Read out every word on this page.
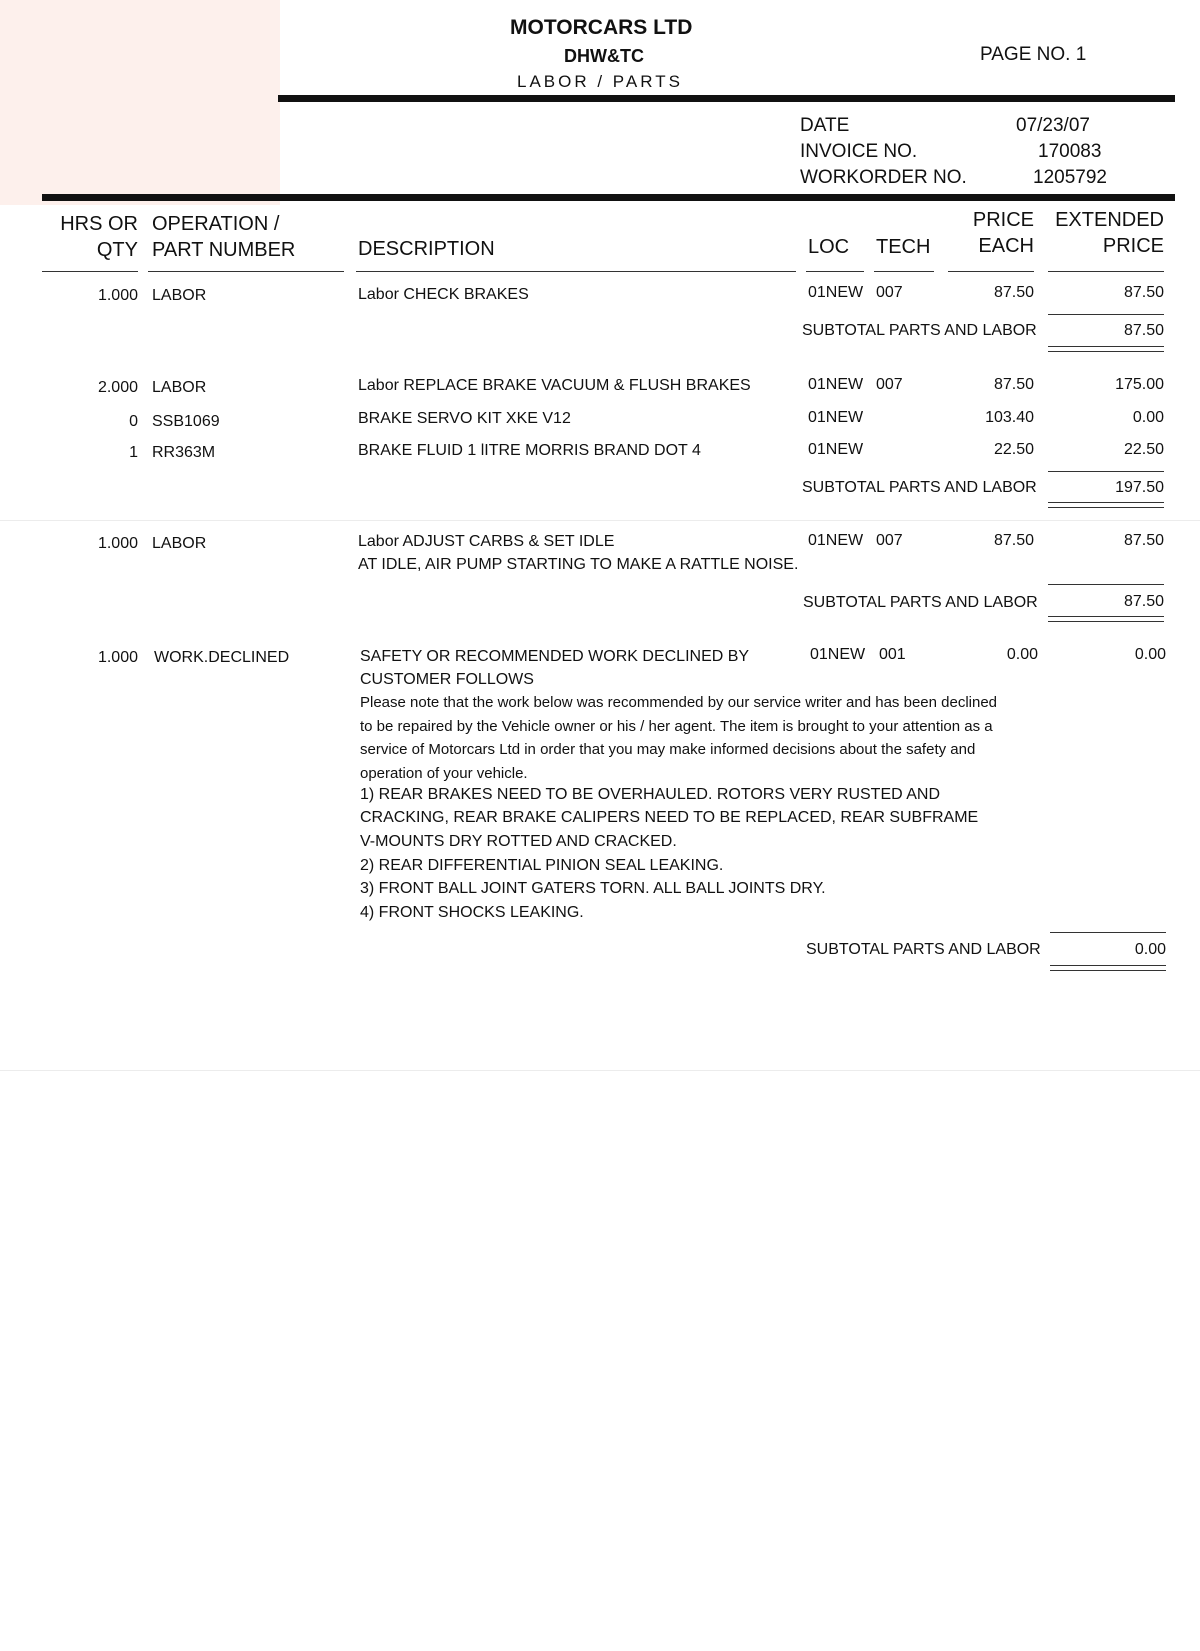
MOTORCARS LTD
DHW&TC
LABOR / PARTS
PAGE NO. 1
DATE	07/23/07
INVOICE NO.	170083
WORKORDER NO.	1205792
HRS OR
QTY
OPERATION /
PART NUMBER	DESCRIPTION	LOC TECH
PRICE
EACH
EXTENDED
PRICE
1.000 LABOR	Labor CHECK BRAKES	01NEW 007	87.50	87.50
SUBTOTAL PARTS AND LABOR	87.50
2.000 LABOR	Labor REPLACE BRAKE VACUUM & FLUSH BRAKES	01NEW 007	87.50	175.00
0 SSB1069	BRAKE SERVO KIT XKE V12	01NEW	103.40	0.00
1 RR363M	BRAKE FLUID 1 lITRE MORRIS BRAND DOT 4	01NEW	22.50	22.50
SUBTOTAL PARTS AND LABOR	197.50
1.000 LABOR	Labor ADJUST CARBS & SET IDLE	01NEW 007	87.50	87.50
AT IDLE, AIR PUMP STARTING TO MAKE A RATTLE NOISE.
SUBTOTAL PARTS AND LABOR	87.50
1.000 WORK.DECLINED	SAFETY OR RECOMMENDED WORK DECLINED BY	01NEW 001	0.00	0.00
CUSTOMER FOLLOWS
Please note that the work below was recommended by our service writer and has been declined to be repaired by the Vehicle owner or his / her agent. The item is brought to your attention as a service of Motorcars Ltd in order that you may make informed decisions about the safety and operation of your vehicle.
1) REAR BRAKES NEED TO BE OVERHAULED. ROTORS VERY RUSTED AND
CRACKING, REAR BRAKE CALIPERS NEED TO BE REPLACED, REAR SUBFRAME
V-MOUNTS DRY ROTTED AND CRACKED.
2) REAR DIFFERENTIAL PINION SEAL LEAKING.
3) FRONT BALL JOINT GATERS TORN. ALL BALL JOINTS DRY.
4) FRONT SHOCKS LEAKING.
SUBTOTAL PARTS AND LABOR	0.00
